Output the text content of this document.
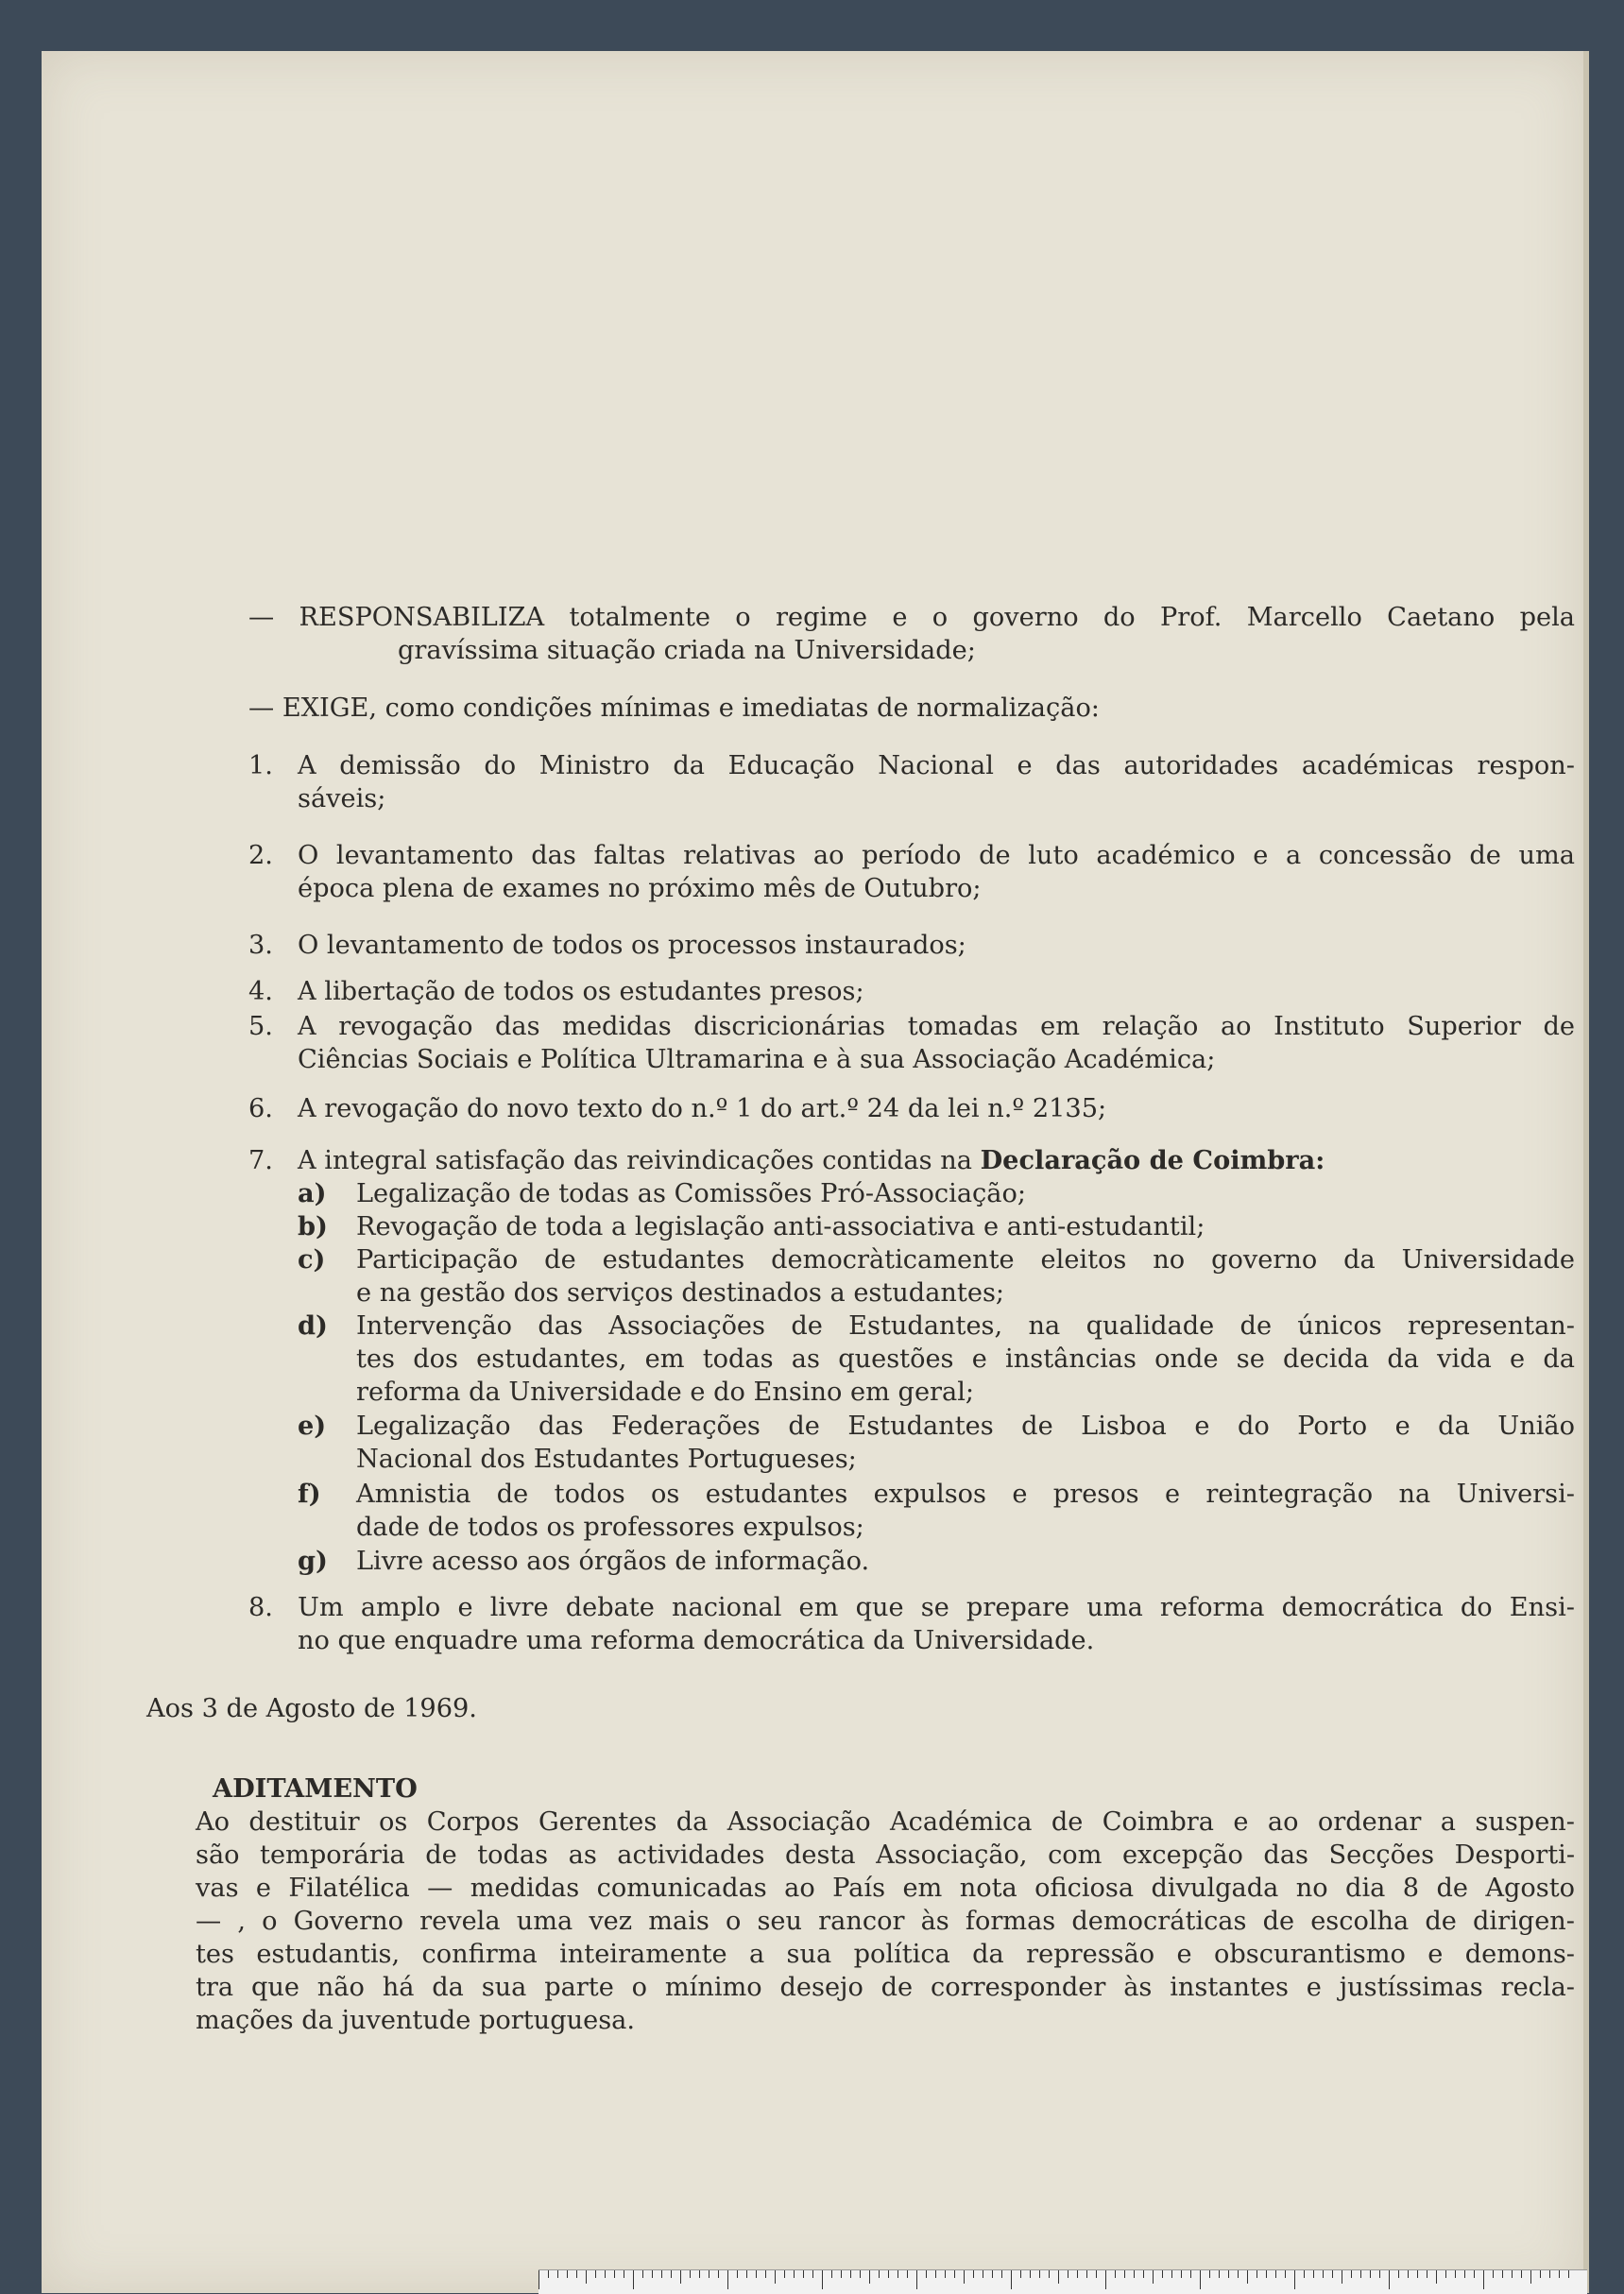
— RESPONSABILIZA totalmente o regime e o governo do Prof. Marcello Caetano pela
gravíssima situação criada na Universidade;
— EXIGE, como condições mínimas e imediatas de normalização:
1. A demissão do Ministro da Educação Nacional e das autoridades académicas respon-
sáveis;
2. O levantamento das faltas relativas ao período de luto académico e a concessão de uma
época plena de exames no próximo mês de Outubro;
3. O levantamento de todos os processos instaurados;
4. A libertação de todos os estudantes presos;
5. A revogação das medidas discricionárias tomadas em relação ao Instituto Superior de
Ciências Sociais e Política Ultramarina e à sua Associação Académica;
6. A revogação do novo texto do n.º 1 do art.º 24 da lei n.º 2135;
7. A integral satisfação das reivindicações contidas na Declaração de Coimbra:
a) Legalização de todas as Comissões Pró-Associação;
b) Revogação de toda a legislação anti-associativa e anti-estudantil;
c) Participação de estudantes democràticamente eleitos no governo da Universidade
e na gestão dos serviços destinados a estudantes;
d) Intervenção das Associações de Estudantes, na qualidade de únicos representan-
tes dos estudantes, em todas as questões e instâncias onde se decida da vida e da
reforma da Universidade e do Ensino em geral;
e) Legalização das Federações de Estudantes de Lisboa e do Porto e da União
Nacional dos Estudantes Portugueses;
f) Amnistia de todos os estudantes expulsos e presos e reintegração na Universi-
dade de todos os professores expulsos;
g) Livre acesso aos órgãos de informação.
8. Um amplo e livre debate nacional em que se prepare uma reforma democrática do Ensi-
no que enquadre uma reforma democrática da Universidade.
Aos 3 de Agosto de 1969.
ADITAMENTO
Ao destituir os Corpos Gerentes da Associação Académica de Coimbra e ao ordenar a suspen-
são temporária de todas as actividades desta Associação, com excepção das Secções Desporti-
vas e Filatélica — medidas comunicadas ao País em nota oficiosa divulgada no dia 8 de Agosto
— , o Governo revela uma vez mais o seu rancor às formas democráticas de escolha de dirigen-
tes estudantis, confirma inteiramente a sua política da repressão e obscurantismo e demons-
tra que não há da sua parte o mínimo desejo de corresponder às instantes e justíssimas recla-
mações da juventude portuguesa.
